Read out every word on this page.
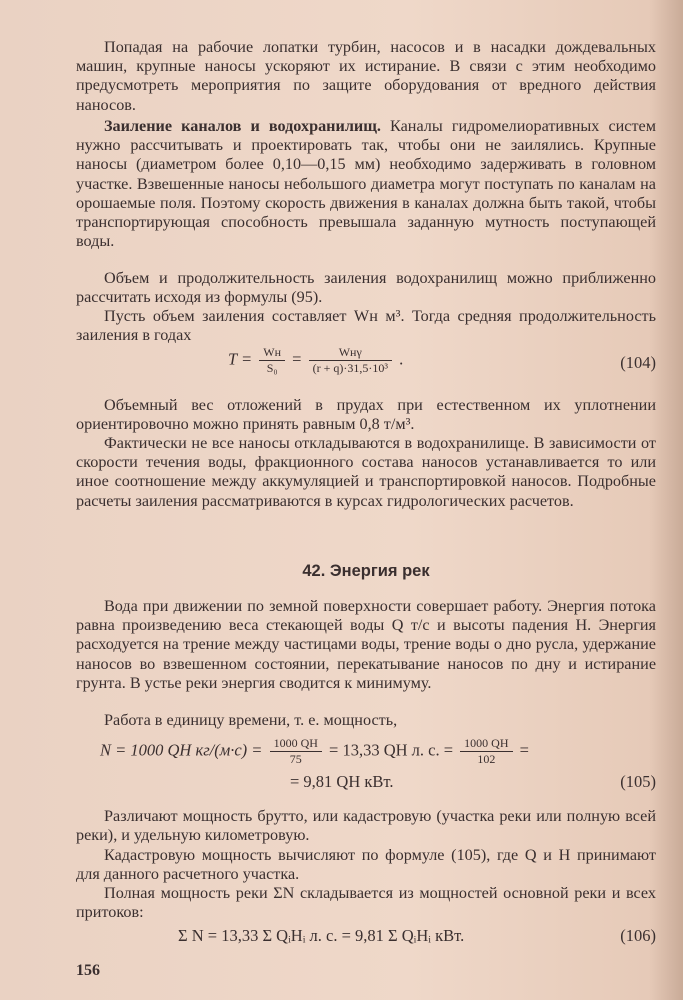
Попадая на рабочие лопатки турбин, насосов и в насадки дождевальных машин, крупные наносы ускоряют их истирание. В связи с этим необходимо предусмотреть мероприятия по защите оборудования от вредного действия наносов.

Заиление каналов и водохранилищ. Каналы гидромелиоративных систем нужно рассчитывать и проектировать так, чтобы они не заилялись. Крупные наносы (диаметром более 0,10—0,15 мм) необходимо задерживать в головном участке. Взвешенные наносы небольшого диаметра могут поступать по каналам на орошаемые поля. Поэтому скорость движения в каналах должна быть такой, чтобы транспортирующая способность превышала заданную мутность поступающей воды.

Объем и продолжительность заиления водохранилищ можно приближенно рассчитать исходя из формулы (95).

Пусть объем заиления составляет Wн м³. Тогда средняя продолжительность заиления в годах

$T = \frac{Wн}{\text{S₀}} = \frac{\text{Wнγ}}{\text{(r + q)·31,5·10³}}$ .	(104)

Объемный вес отложений в прудах при естественном их уплотнении ориентировочно можно принять равным 0,8 т/м³.

Фактически не все наносы откладываются в водохранилище. В зависимости от скорости течения воды, фракционного состава наносов устанавливается то или иное соотношение между аккумуляцией и транспортировкой наносов. Подробные расчеты заиления рассматриваются в курсах гидрологических расчетов.

42. Энергия рек

Вода при движении по земной поверхности совершает работу. Энергия потока равна произведению веса стекающей воды Q т/с и высоты падения H. Энергия расходуется на трение между частицами воды, трение воды о дно русла, удержание наносов во взвешенном состоянии, перекатывание наносов по дну и истирание грунта. В устье реки энергия сводится к минимуму.

Работа в единицу времени, т. е. мощность,

N = 1000 QH $кг/(м\cdot с) = \frac{1000 QH}{75} = 13,33$ QH л. с. = $\frac{1000 QH}{102}$ =
= 9,81 QH кВт.	(105)

Различают мощность брутто, или кадастровую (участка реки или полную всей реки), и удельную километровую.

Кадастровую мощность вычисляют по формуле (105), где Q и H принимают для данного расчетного участка.

Полная мощность реки ΣN складывается из мощностей основной реки и всех притоков:

Σ N = 13,33 Σ QᵢHᵢ л. с. = 9,81 Σ QᵢHᵢ кВт.	(106)
156
